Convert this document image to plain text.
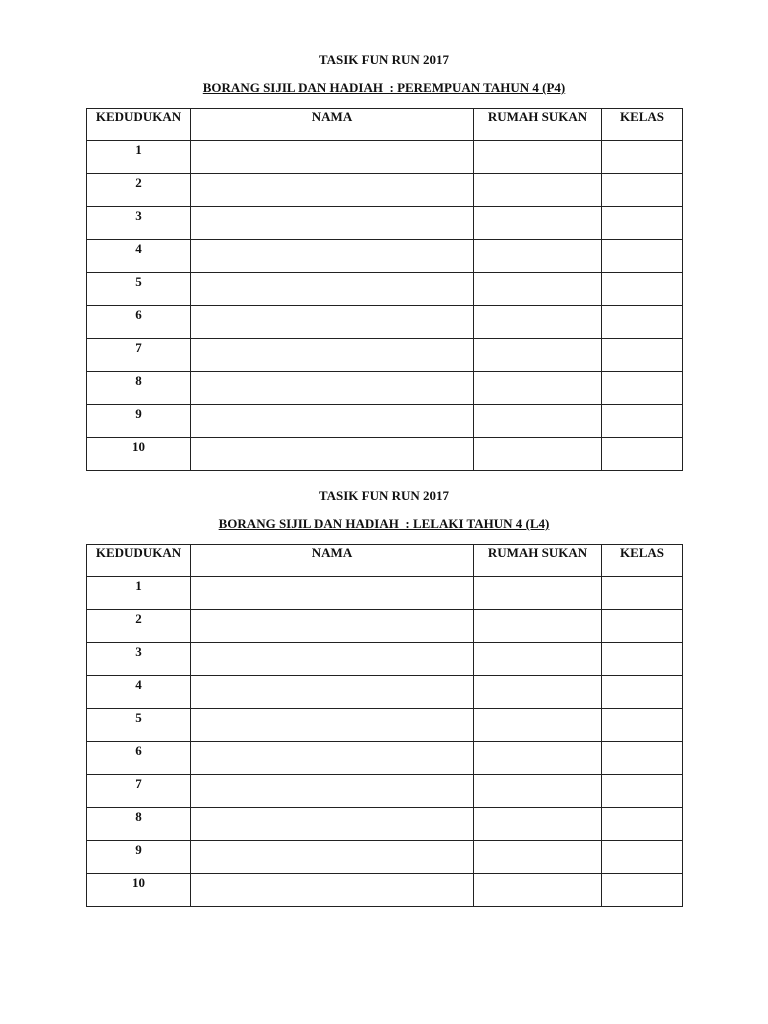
TASIK FUN RUN 2017
BORANG SIJIL DAN HADIAH  : PEREMPUAN TAHUN 4 (P4)
KEDUDUKAN	NAMA	RUMAH SUKAN	KELAS
1			
2			
3			
4			
5			
6			
7			
8			
9			
10			
TASIK FUN RUN 2017
BORANG SIJIL DAN HADIAH  : LELAKI TAHUN 4 (L4)
KEDUDUKAN	NAMA	RUMAH SUKAN	KELAS
1			
2			
3			
4			
5			
6			
7			
8			
9			
10			
